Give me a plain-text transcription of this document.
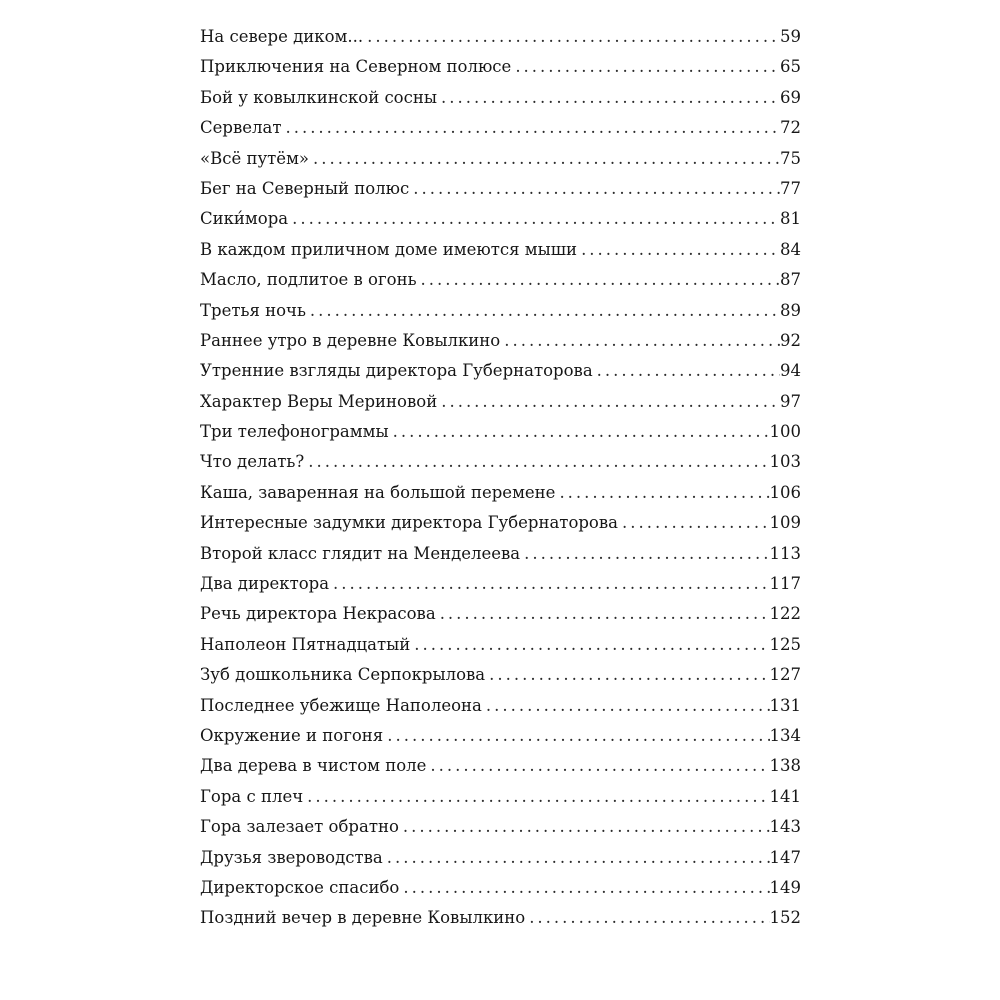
На севере диком... .....	59
Приключения на Северном полюсе .....	65
Бой у ковылкинской сосны .....	69
Сервелат .....	72
«Всё путём» .....	75
Бег на Северный полюс .....	77
Сики́мора .....	81
В каждом приличном доме имеются мыши .....	84
Масло, подлитое в огонь .....	87
Третья ночь .....	89
Раннее утро в деревне Ковылкино .....	92
Утренние взгляды директора Губернаторова .....	94
Характер Веры Мериновой .....	97
Три телефонограммы .....	100
Что делать? .....	103
Каша, заваренная на большой перемене .....	106
Интересные задумки директора Губернаторова .....	109
Второй класс глядит на Менделеева .....	113
Два директора .....	117
Речь директора Некрасова .....	122
Наполеон Пятнадцатый .....	125
Зуб дошкольника Серпокрылова .....	127
Последнее убежище Наполеона .....	131
Окружение и погоня .....	134
Два дерева в чистом поле .....	138
Гора с плеч .....	141
Гора залезает обратно .....	143
Друзья звероводства .....	147
Директорское спасибо .....	149
Поздний вечер в деревне Ковылкино .....	152
